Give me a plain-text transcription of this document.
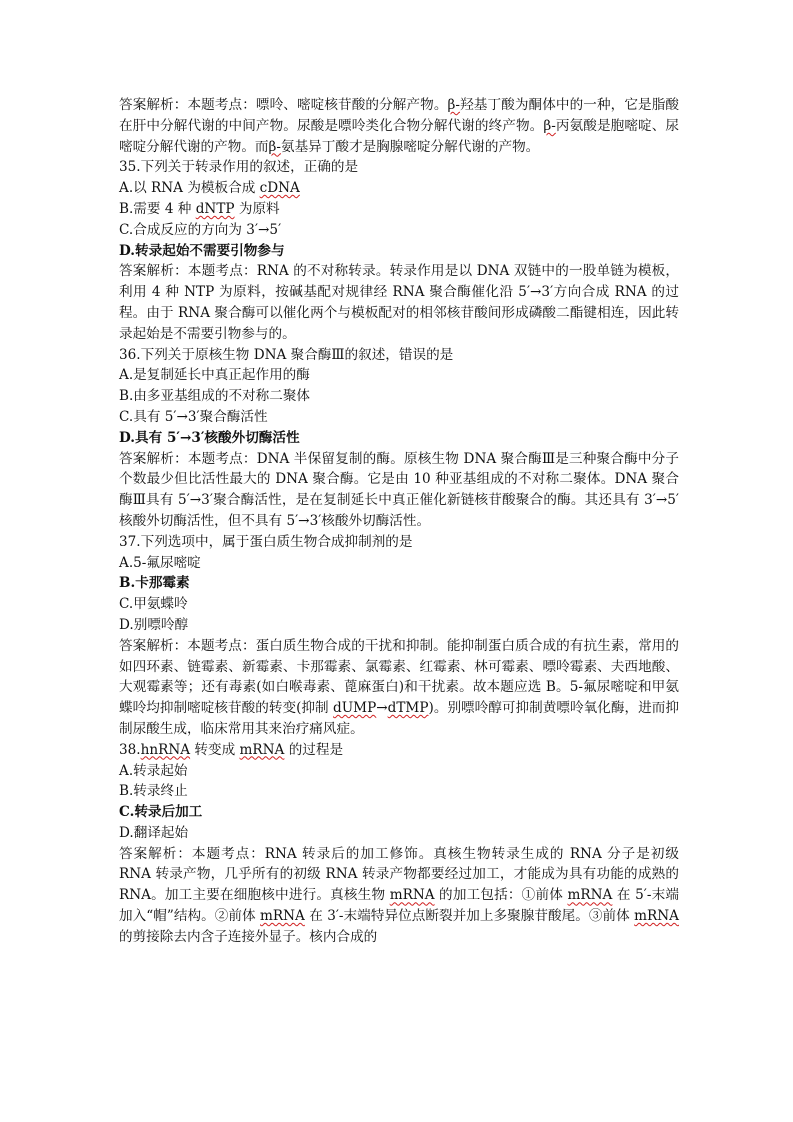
答案解析：本题考点：嘌呤、嘧啶核苷酸的分解产物。β-羟基丁酸为酮体中的一种，它是脂酸在肝中分解代谢的中间产物。尿酸是嘌呤类化合物分解代谢的终产物。β-丙氨酸是胞嘧啶、尿嘧啶分解代谢的产物。而β-氨基异丁酸才是胸腺嘧啶分解代谢的产物。

35.下列关于转录作用的叙述，正确的是

A.以 RNA 为模板合成 cDNA

B.需要 4 种 dNTP 为原料

C.合成反应的方向为 3′→5′

D.转录起始不需要引物参与

答案解析：本题考点：RNA 的不对称转录。转录作用是以 DNA 双链中的一股单链为模板，利用 4 种 NTP 为原料，按碱基配对规律经 RNA 聚合酶催化沿 5′→3′方向合成 RNA 的过程。由于 RNA 聚合酶可以催化两个与模板配对的相邻核苷酸间形成磷酸二酯键相连，因此转录起始是不需要引物参与的。

36.下列关于原核生物 DNA 聚合酶Ⅲ的叙述，错误的是

A.是复制延长中真正起作用的酶

B.由多亚基组成的不对称二聚体

C.具有 5′→3′聚合酶活性

D.具有 5′→3′核酸外切酶活性

答案解析：本题考点：DNA 半保留复制的酶。原核生物 DNA 聚合酶Ⅲ是三种聚合酶中分子个数最少但比活性最大的 DNA 聚合酶。它是由 10 种亚基组成的不对称二聚体。DNA 聚合酶Ⅲ具有 5′→3′聚合酶活性，是在复制延长中真正催化新链核苷酸聚合的酶。其还具有 3′→5′核酸外切酶活性，但不具有 5′→3′核酸外切酶活性。

37.下列选项中，属于蛋白质生物合成抑制剂的是

A.5-氟尿嘧啶

B.卡那霉素

C.甲氨蝶呤

D.别嘌呤醇

答案解析：本题考点：蛋白质生物合成的干扰和抑制。能抑制蛋白质合成的有抗生素，常用的如四环素、链霉素、新霉素、卡那霉素、氯霉素、红霉素、林可霉素、嘌呤霉素、夫西地酸、大观霉素等；还有毒素(如白喉毒素、蓖麻蛋白)和干扰素。故本题应选 B。5-氟尿嘧啶和甲氨蝶呤均抑制嘧啶核苷酸的转变(抑制 dUMP→dTMP)。别嘌呤醇可抑制黄嘌呤氧化酶，进而抑制尿酸生成，临床常用其来治疗痛风症。

38.hnRNA 转变成 mRNA 的过程是

A.转录起始

B.转录终止

C.转录后加工

D.翻译起始

答案解析：本题考点：RNA 转录后的加工修饰。真核生物转录生成的 RNA 分子是初级 RNA 转录产物，几乎所有的初级 RNA 转录产物都要经过加工，才能成为具有功能的成熟的 RNA。加工主要在细胞核中进行。真核生物 mRNA 的加工包括：①前体 mRNA 在 5′-末端加入“帽”结构。②前体 mRNA 在 3′-末端特异位点断裂并加上多聚腺苷酸尾。③前体 mRNA 的剪接除去内含子连接外显子。核内合成的
